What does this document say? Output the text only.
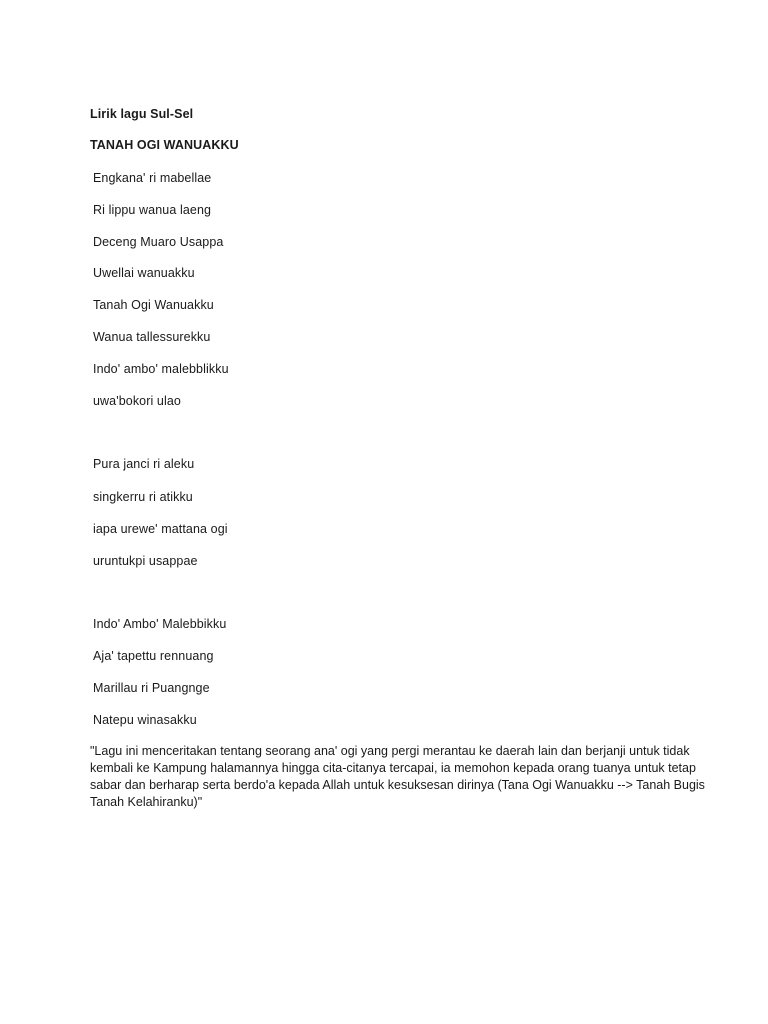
Lirik lagu Sul-Sel
TANAH OGI WANUAKKU
Engkana' ri mabellae
Ri lippu wanua laeng
Deceng Muaro Usappa
Uwellai wanuakku
Tanah Ogi Wanuakku
Wanua tallessurekku
Indo' ambo' malebblikku
uwa'bokori ulao
Pura janci ri aleku
singkerru ri atikku
iapa urewe' mattana ogi
uruntukpi usappae
Indo' Ambo' Malebbikku
Aja' tapettu rennuang
Marillau ri Puangnge
Natepu winasakku
"Lagu ini menceritakan tentang seorang ana' ogi yang pergi merantau ke daerah lain dan berjanji untuk tidak kembali ke Kampung halamannya hingga cita-citanya tercapai, ia memohon kepada orang tuanya untuk tetap sabar dan berharap serta berdo'a kepada Allah untuk kesuksesan dirinya (Tana Ogi Wanuakku --> Tanah Bugis Tanah Kelahiranku)"
